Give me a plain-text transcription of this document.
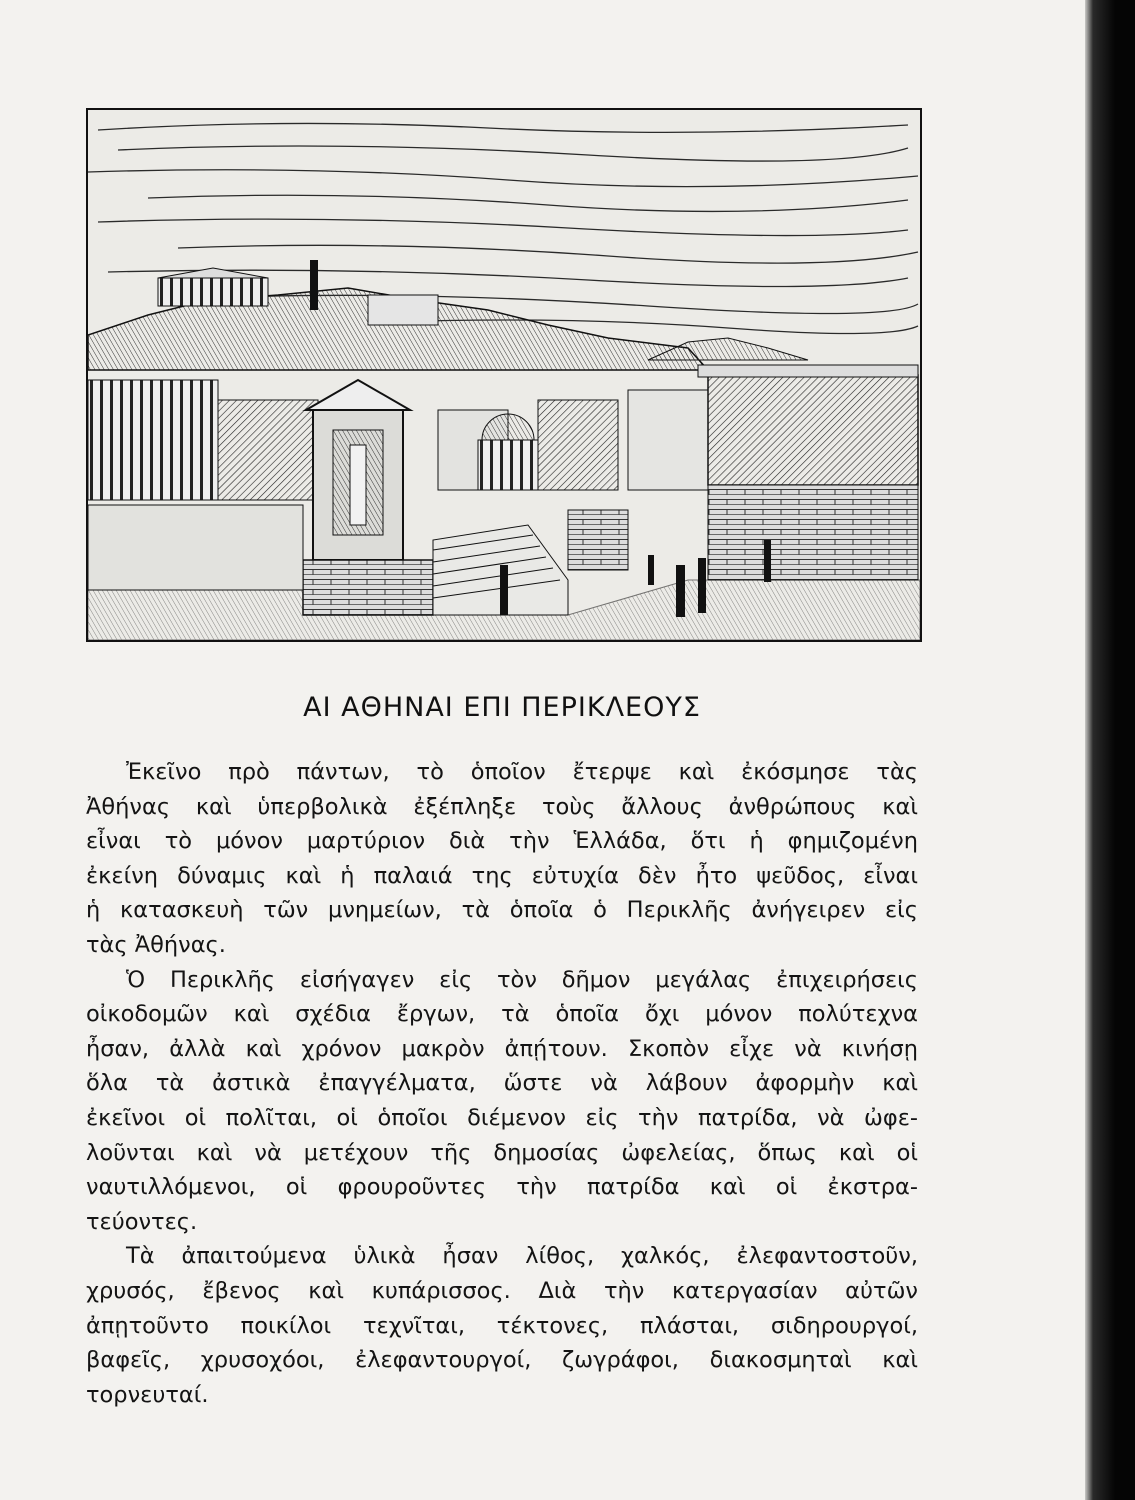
ΑΙ ΑΘΗΝΑΙ ΕΠΙ ΠΕΡΙΚΛΕΟΥΣ

Ἐκεῖνο πρὸ πάντων, τὸ ὁποῖον ἔτερψε καὶ ἐκόσμησε τὰς
Ἀθήνας καὶ ὑπερβολικὰ ἐξέπληξε τοὺς ἄλλους ἀνθρώπους καὶ
εἶναι τὸ μόνον μαρτύριον διὰ τὴν Ἑλλάδα, ὅτι ἡ φημιζομένη
ἐκείνη δύναμις καὶ ἡ παλαιά της εὐτυχία δὲν ἦτο ψεῦδος, εἶναι
ἡ κατασκευὴ τῶν μνημείων, τὰ ὁποῖα ὁ Περικλῆς ἀνήγειρεν εἰς
τὰς Ἀθήνας.

Ὁ Περικλῆς εἰσήγαγεν εἰς τὸν δῆμον μεγάλας ἐπιχειρήσεις
οἰκοδομῶν καὶ σχέδια ἔργων, τὰ ὁποῖα ὄχι μόνον πολύτεχνα
ἦσαν, ἀλλὰ καὶ χρόνον μακρὸν ἀπῄτουν. Σκοπὸν εἶχε νὰ κινήσῃ
ὅλα τὰ ἀστικὰ ἐπαγγέλματα, ὥστε νὰ λάβουν ἀφορμὴν καὶ
ἐκεῖνοι οἱ πολῖται, οἱ ὁποῖοι διέμενον εἰς τὴν πατρίδα, νὰ ὠφε-
λοῦνται καὶ νὰ μετέχουν τῆς δημοσίας ὠφελείας, ὅπως καὶ οἱ
ναυτιλλόμενοι, οἱ φρουροῦντες τὴν πατρίδα καὶ οἱ ἐκστρα-
τεύοντες.

Τὰ ἀπαιτούμενα ὑλικὰ ἦσαν λίθος, χαλκός, ἐλεφαντοστοῦν,
χρυσός, ἔβενος καὶ κυπάρισσος. Διὰ τὴν κατεργασίαν αὐτῶν
ἀπῃτοῦντο ποικίλοι τεχνῖται, τέκτονες, πλάσται, σιδηρουργοί,
βαφεῖς, χρυσοχόοι, ἐλεφαντουργοί, ζωγράφοι, διακοσμηταὶ καὶ
τορνευταί.
